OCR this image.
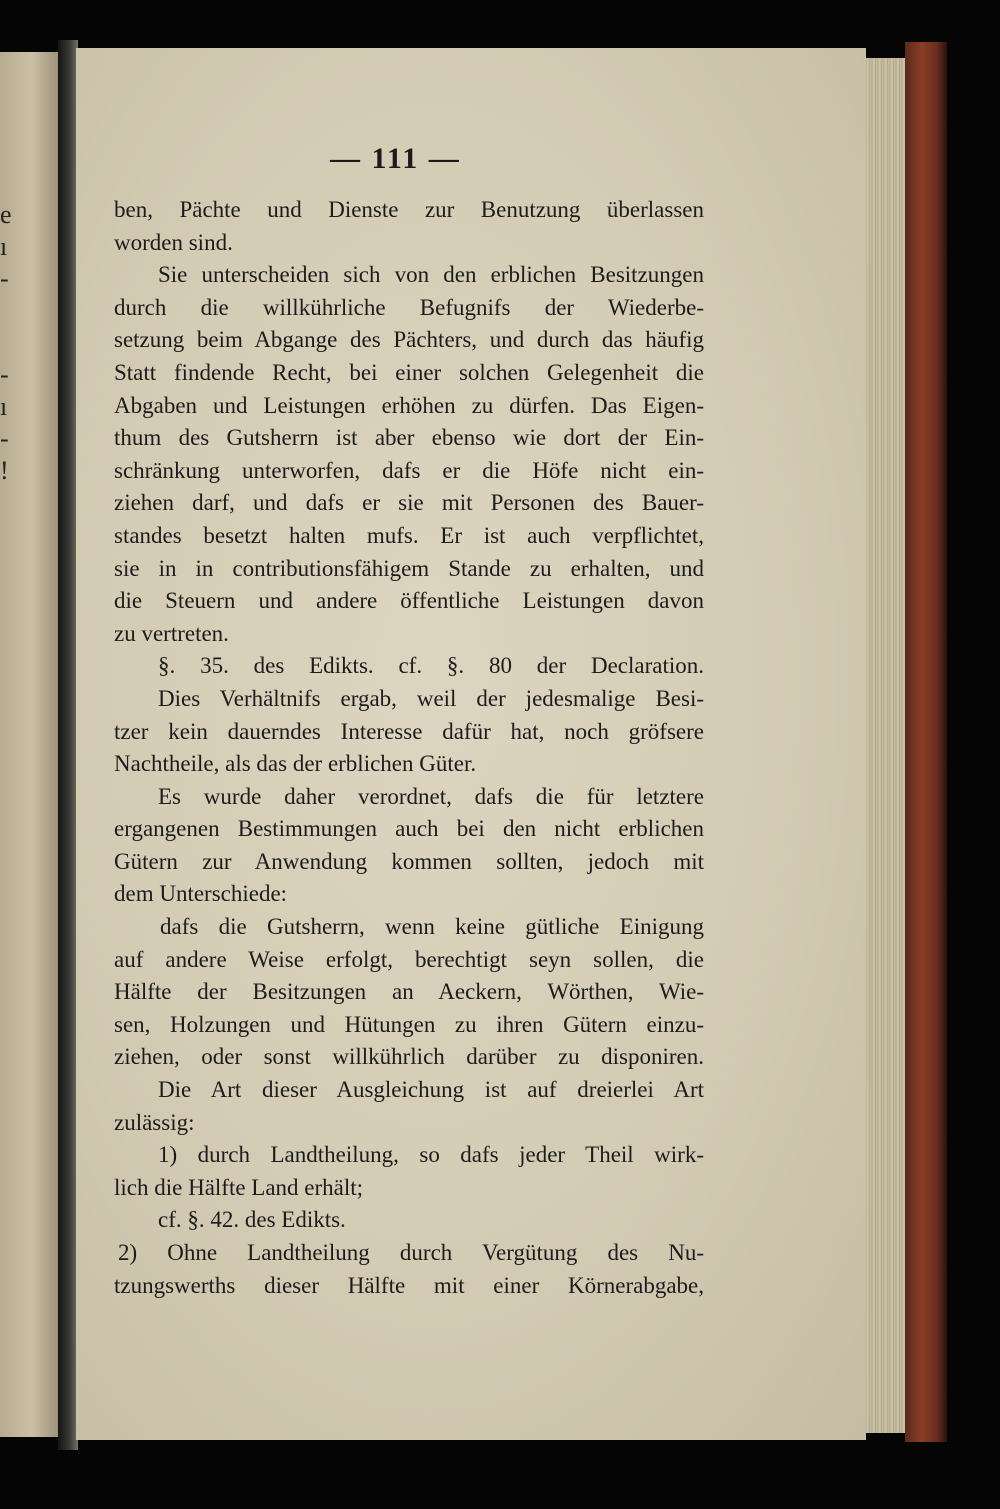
e
ı
-
-
ı
-
!
— 111 —
ben, Pächte und Dienste zur Benutzung überlassen
worden sind.
Sie unterscheiden sich von den erblichen Besitzungen
durch die willkührliche Befugnifs der Wiederbe-
setzung beim Abgange des Pächters, und durch das häufig
Statt findende Recht, bei einer solchen Gelegenheit die
Abgaben und Leistungen erhöhen zu dürfen. Das Eigen-
thum des Gutsherrn ist aber ebenso wie dort der Ein-
schränkung unterworfen, dafs er die Höfe nicht ein-
ziehen darf, und dafs er sie mit Personen des Bauer-
standes besetzt halten mufs. Er ist auch verpflichtet,
sie in in contributionsfähigem Stande zu erhalten, und
die Steuern und andere öffentliche Leistungen davon
zu vertreten.
§. 35. des Edikts. cf. §. 80 der Declaration.
Dies Verhältnifs ergab, weil der jedesmalige Besi-
tzer kein dauerndes Interesse dafür hat, noch gröfsere
Nachtheile, als das der erblichen Güter.
Es wurde daher verordnet, dafs die für letztere
ergangenen Bestimmungen auch bei den nicht erblichen
Gütern zur Anwendung kommen sollten, jedoch mit
dem Unterschiede:
dafs die Gutsherrn, wenn keine gütliche Einigung
auf andere Weise erfolgt, berechtigt seyn sollen, die
Hälfte der Besitzungen an Aeckern, Wörthen, Wie-
sen, Holzungen und Hütungen zu ihren Gütern einzu-
ziehen, oder sonst willkührlich darüber zu disponiren.
Die Art dieser Ausgleichung ist auf dreierlei Art
zulässig:
1) durch Landtheilung, so dafs jeder Theil wirk-
lich die Hälfte Land erhält;
cf. §. 42. des Edikts.
2) Ohne Landtheilung durch Vergütung des Nu-
tzungswerths dieser Hälfte mit einer Körnerabgabe,
